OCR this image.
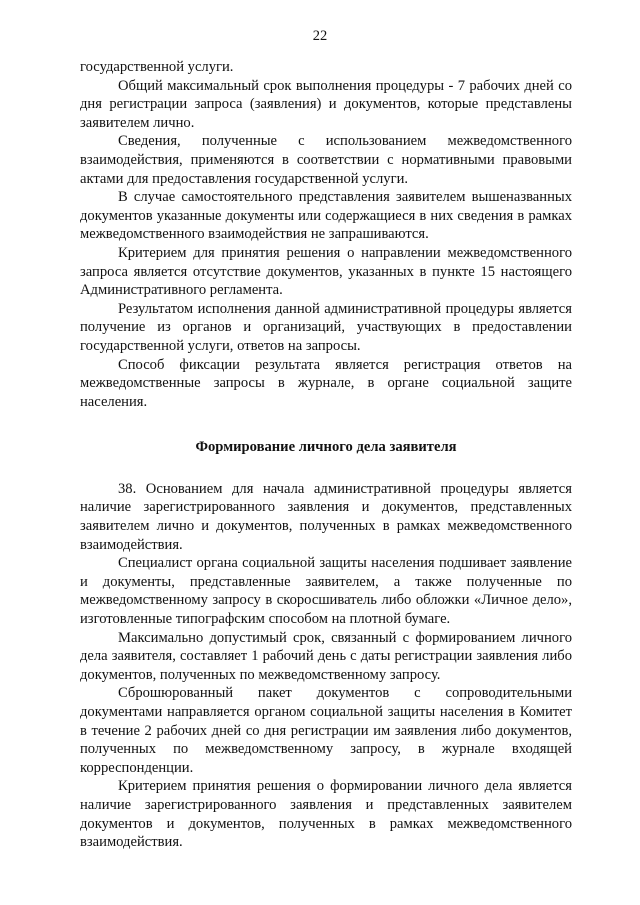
22

государственной услуги.

Общий максимальный срок выполнения процедуры - 7 рабочих дней со дня регистрации запроса (заявления) и документов, которые представлены заявителем лично.

Сведения, полученные с использованием межведомственного взаимодействия, применяются в соответствии с нормативными правовыми актами для предоставления государственной услуги.

В случае самостоятельного представления заявителем вышеназванных документов указанные документы или содержащиеся в них сведения в рамках межведомственного взаимодействия не запрашиваются.

Критерием для принятия решения о направлении межведомственного запроса является отсутствие документов, указанных в пункте 15 настоящего Административного регламента.

Результатом исполнения данной административной процедуры является получение из органов и организаций, участвующих в предоставлении государственной услуги, ответов на запросы.

Способ фиксации результата является регистрация ответов на межведомственные запросы в журнале, в органе социальной защите населения.

Формирование личного дела заявителя

38. Основанием для начала административной процедуры является наличие зарегистрированного заявления и документов, представленных заявителем лично и документов, полученных в рамках межведомственного взаимодействия.

Специалист органа социальной защиты населения подшивает заявление и документы, представленные заявителем, а также полученные по межведомственному запросу в скоросшиватель либо обложки «Личное дело», изготовленные типографским способом на плотной бумаге.

Максимально допустимый срок, связанный с формированием личного дела заявителя, составляет 1 рабочий день с даты регистрации заявления либо документов, полученных по межведомственному запросу.

Сброшюрованный пакет документов с сопроводительными документами направляется органом социальной защиты населения в Комитет в течение 2 рабочих дней со дня регистрации им заявления либо документов, полученных по межведомственному запросу, в журнале входящей корреспонденции.

Критерием принятия решения о формировании личного дела является наличие зарегистрированного заявления и представленных заявителем документов и документов, полученных в рамках межведомственного взаимодействия.
